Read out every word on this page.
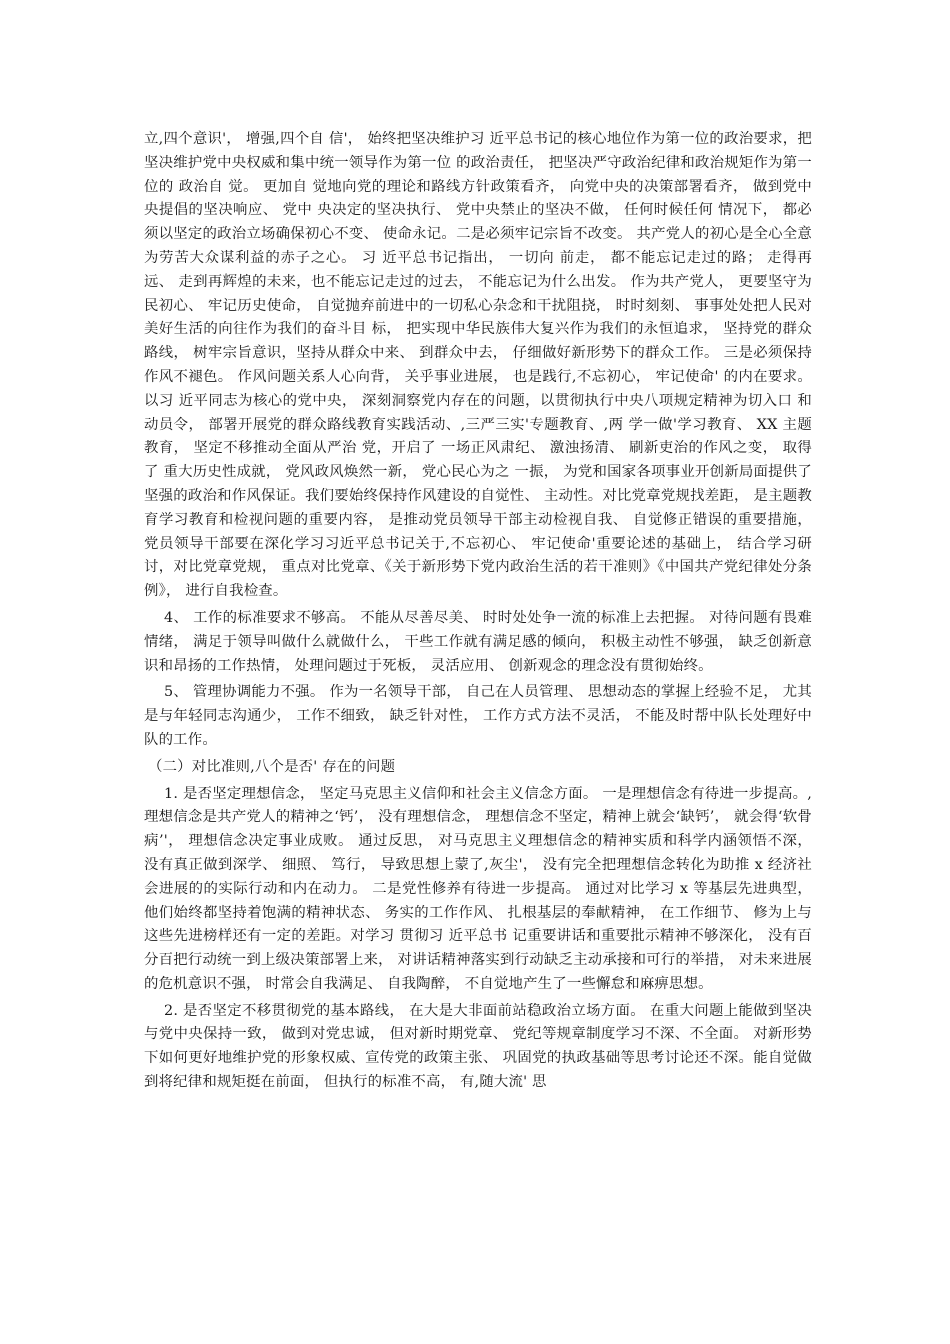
立,四个意识'， 增强,四个自 信'， 始终把坚决维护习 近平总书记的核心地位作为第一位的政治要求，把坚决维护党中央权威和集中统一领导作为第一位 的政治责任， 把坚决严守政治纪律和政治规矩作为第一位的 政治自 觉。 更加自 觉地向党的理论和路线方针政策看齐， 向党中央的决策部署看齐， 做到党中央提倡的坚决响应、 党中 央决定的坚决执行、 党中央禁止的坚决不做， 任何时候任何 情况下， 都必须以坚定的政治立场确保初心不变、 使命永记。二是必须牢记宗旨不改变。 共产党人的初心是全心全意为劳苦大众谋利益的赤子之心。 习 近平总书记指出， 一切向 前走， 都不能忘记走过的路； 走得再远、 走到再辉煌的未来，也不能忘记走过的过去， 不能忘记为什么出发。 作为共产党人， 更要坚守为民初心、 牢记历史使命， 自觉抛弃前进中的一切私心杂念和干扰阻挠， 时时刻刻、 事事处处把人民对美好生活的向往作为我们的奋斗目 标， 把实现中华民族伟大复兴作为我们的永恒追求， 坚持党的群众路线， 树牢宗旨意识，坚持从群众中来、 到群众中去， 仔细做好新形势下的群众工作。 三是必须保持作风不褪色。 作风问题关系人心向背， 关乎事业进展， 也是践行,不忘初心， 牢记使命' 的内在要求。以习 近平同志为核心的党中央， 深刻洞察党内存在的问题，以贯彻执行中央八项规定精神为切入口 和动员令， 部署开展党的群众路线教育实践活动、,三严三实'专题教育、,两 学一做'学习教育、 XX 主题教育， 坚定不移推动全面从严治 党，开启了 一场正风肃纪、 激浊扬清、 刷新吏治的作风之变， 取得了 重大历史性成就， 党风政风焕然一新， 党心民心为之 一振， 为党和国家各项事业开创新局面提供了 坚强的政治和作风保证。我们要始终保持作风建设的自觉性、 主动性。对比党章党规找差距， 是主题教育学习教育和检视问题的重要内容， 是推动党员领导干部主动检视自我、 自觉修正错误的重要措施， 党员领导干部要在深化学习习近平总书记关于,不忘初心、 牢记使命'重要论述的基础上， 结合学习研讨，对比党章党规， 重点对比党章、《关于新形势下党内政治生活的若干准则》《中国共产党纪律处分条例》， 进行自我检查。

4、 工作的标准要求不够高。 不能从尽善尽美、 时时处处争一流的标准上去把握。 对待问题有畏难情绪， 满足于领导叫做什么就做什么， 干些工作就有满足感的倾向， 积极主动性不够强， 缺乏创新意识和昂扬的工作热情， 处理问题过于死板， 灵活应用、 创新观念的理念没有贯彻始终。

5、 管理协调能力不强。 作为一名领导干部， 自己在人员管理、 思想动态的掌握上经验不足， 尤其是与年轻同志沟通少， 工作不细致， 缺乏针对性， 工作方式方法不灵活， 不能及时帮中队长处理好中队的工作。

（二）对比准则,八个是否' 存在的问题

1. 是否坚定理想信念， 坚定马克思主义信仰和社会主义信念方面。 一是理想信念有待进一步提高。,理想信念是共产党人的精神之‘钙’， 没有理想信念， 理想信念不坚定，精神上就会‘缺钙’， 就会得‘软骨病’'， 理想信念决定事业成败。 通过反思， 对马克思主义理想信念的精神实质和科学内涵领悟不深， 没有真正做到深学、 细照、 笃行， 导致思想上蒙了,灰尘'， 没有完全把理想信念转化为助推 x 经济社会进展的的实际行动和内在动力。 二是党性修养有待进一步提高。 通过对比学习 x 等基层先进典型， 他们始终都坚持着饱满的精神状态、 务实的工作作风、 扎根基层的奉献精神， 在工作细节、 修为上与这些先进榜样还有一定的差距。对学习 贯彻习 近平总书 记重要讲话和重要批示精神不够深化， 没有百分百把行动统一到上级决策部署上来， 对讲话精神落实到行动缺乏主动承接和可行的举措， 对未来进展的危机意识不强， 时常会自我满足、 自我陶醉， 不自觉地产生了一些懈怠和麻痹思想。

2. 是否坚定不移贯彻党的基本路线， 在大是大非面前站稳政治立场方面。 在重大问题上能做到坚决与党中央保持一致， 做到对党忠诚， 但对新时期党章、 党纪等规章制度学习不深、不全面。 对新形势下如何更好地维护党的形象权威、宣传党的政策主张、 巩固党的执政基础等思考讨论还不深。能自觉做到将纪律和规矩挺在前面， 但执行的标准不高， 有,随大流' 思
